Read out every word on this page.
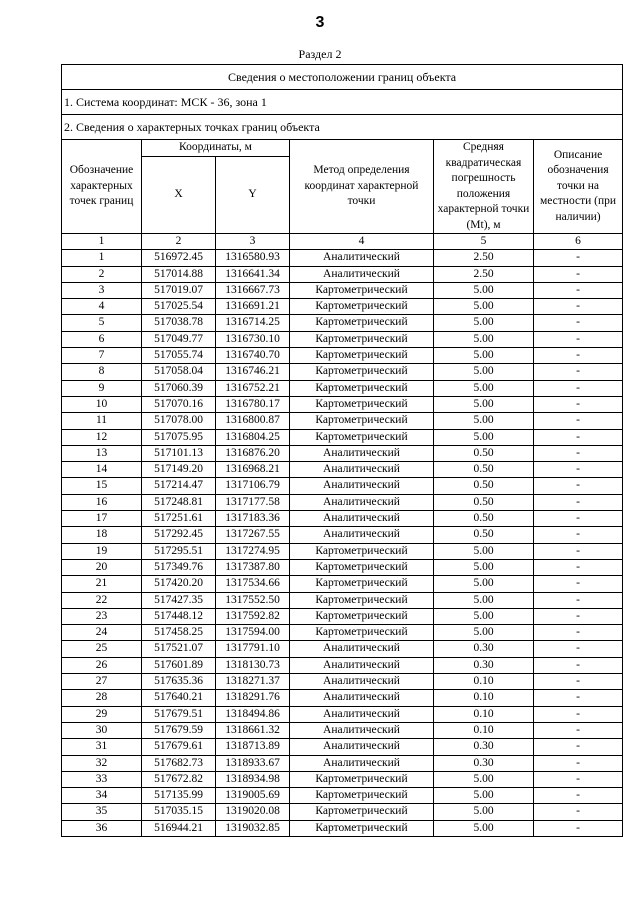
3
Раздел 2
Сведения о местоположении границ объекта					
1. Система координат: МСК - 36, зона 1					
2. Сведения о характерных точках границ объекта					
Обозначение характерных точек границ	Координаты, м		Метод определения координат характерной точки	Средняя квадратическая погрешность положения характерной точки (Mt), м	Описание обозначения точки на местности (при наличии)
	X	Y			
1	2	3	4	5	6
1	516972.45	1316580.93	Аналитический	2.50	-
2	517014.88	1316641.34	Аналитический	2.50	-
3	517019.07	1316667.73	Картометрический	5.00	-
4	517025.54	1316691.21	Картометрический	5.00	-
5	517038.78	1316714.25	Картометрический	5.00	-
6	517049.77	1316730.10	Картометрический	5.00	-
7	517055.74	1316740.70	Картометрический	5.00	-
8	517058.04	1316746.21	Картометрический	5.00	-
9	517060.39	1316752.21	Картометрический	5.00	-
10	517070.16	1316780.17	Картометрический	5.00	-
11	517078.00	1316800.87	Картометрический	5.00	-
12	517075.95	1316804.25	Картометрический	5.00	-
13	517101.13	1316876.20	Аналитический	0.50	-
14	517149.20	1316968.21	Аналитический	0.50	-
15	517214.47	1317106.79	Аналитический	0.50	-
16	517248.81	1317177.58	Аналитический	0.50	-
17	517251.61	1317183.36	Аналитический	0.50	-
18	517292.45	1317267.55	Аналитический	0.50	-
19	517295.51	1317274.95	Картометрический	5.00	-
20	517349.76	1317387.80	Картометрический	5.00	-
21	517420.20	1317534.66	Картометрический	5.00	-
22	517427.35	1317552.50	Картометрический	5.00	-
23	517448.12	1317592.82	Картометрический	5.00	-
24	517458.25	1317594.00	Картометрический	5.00	-
25	517521.07	1317791.10	Аналитический	0.30	-
26	517601.89	1318130.73	Аналитический	0.30	-
27	517635.36	1318271.37	Аналитический	0.10	-
28	517640.21	1318291.76	Аналитический	0.10	-
29	517679.51	1318494.86	Аналитический	0.10	-
30	517679.59	1318661.32	Аналитический	0.10	-
31	517679.61	1318713.89	Аналитический	0.30	-
32	517682.73	1318933.67	Аналитический	0.30	-
33	517672.82	1318934.98	Картометрический	5.00	-
34	517135.99	1319005.69	Картометрический	5.00	-
35	517035.15	1319020.08	Картометрический	5.00	-
36	516944.21	1319032.85	Картометрический	5.00	-
